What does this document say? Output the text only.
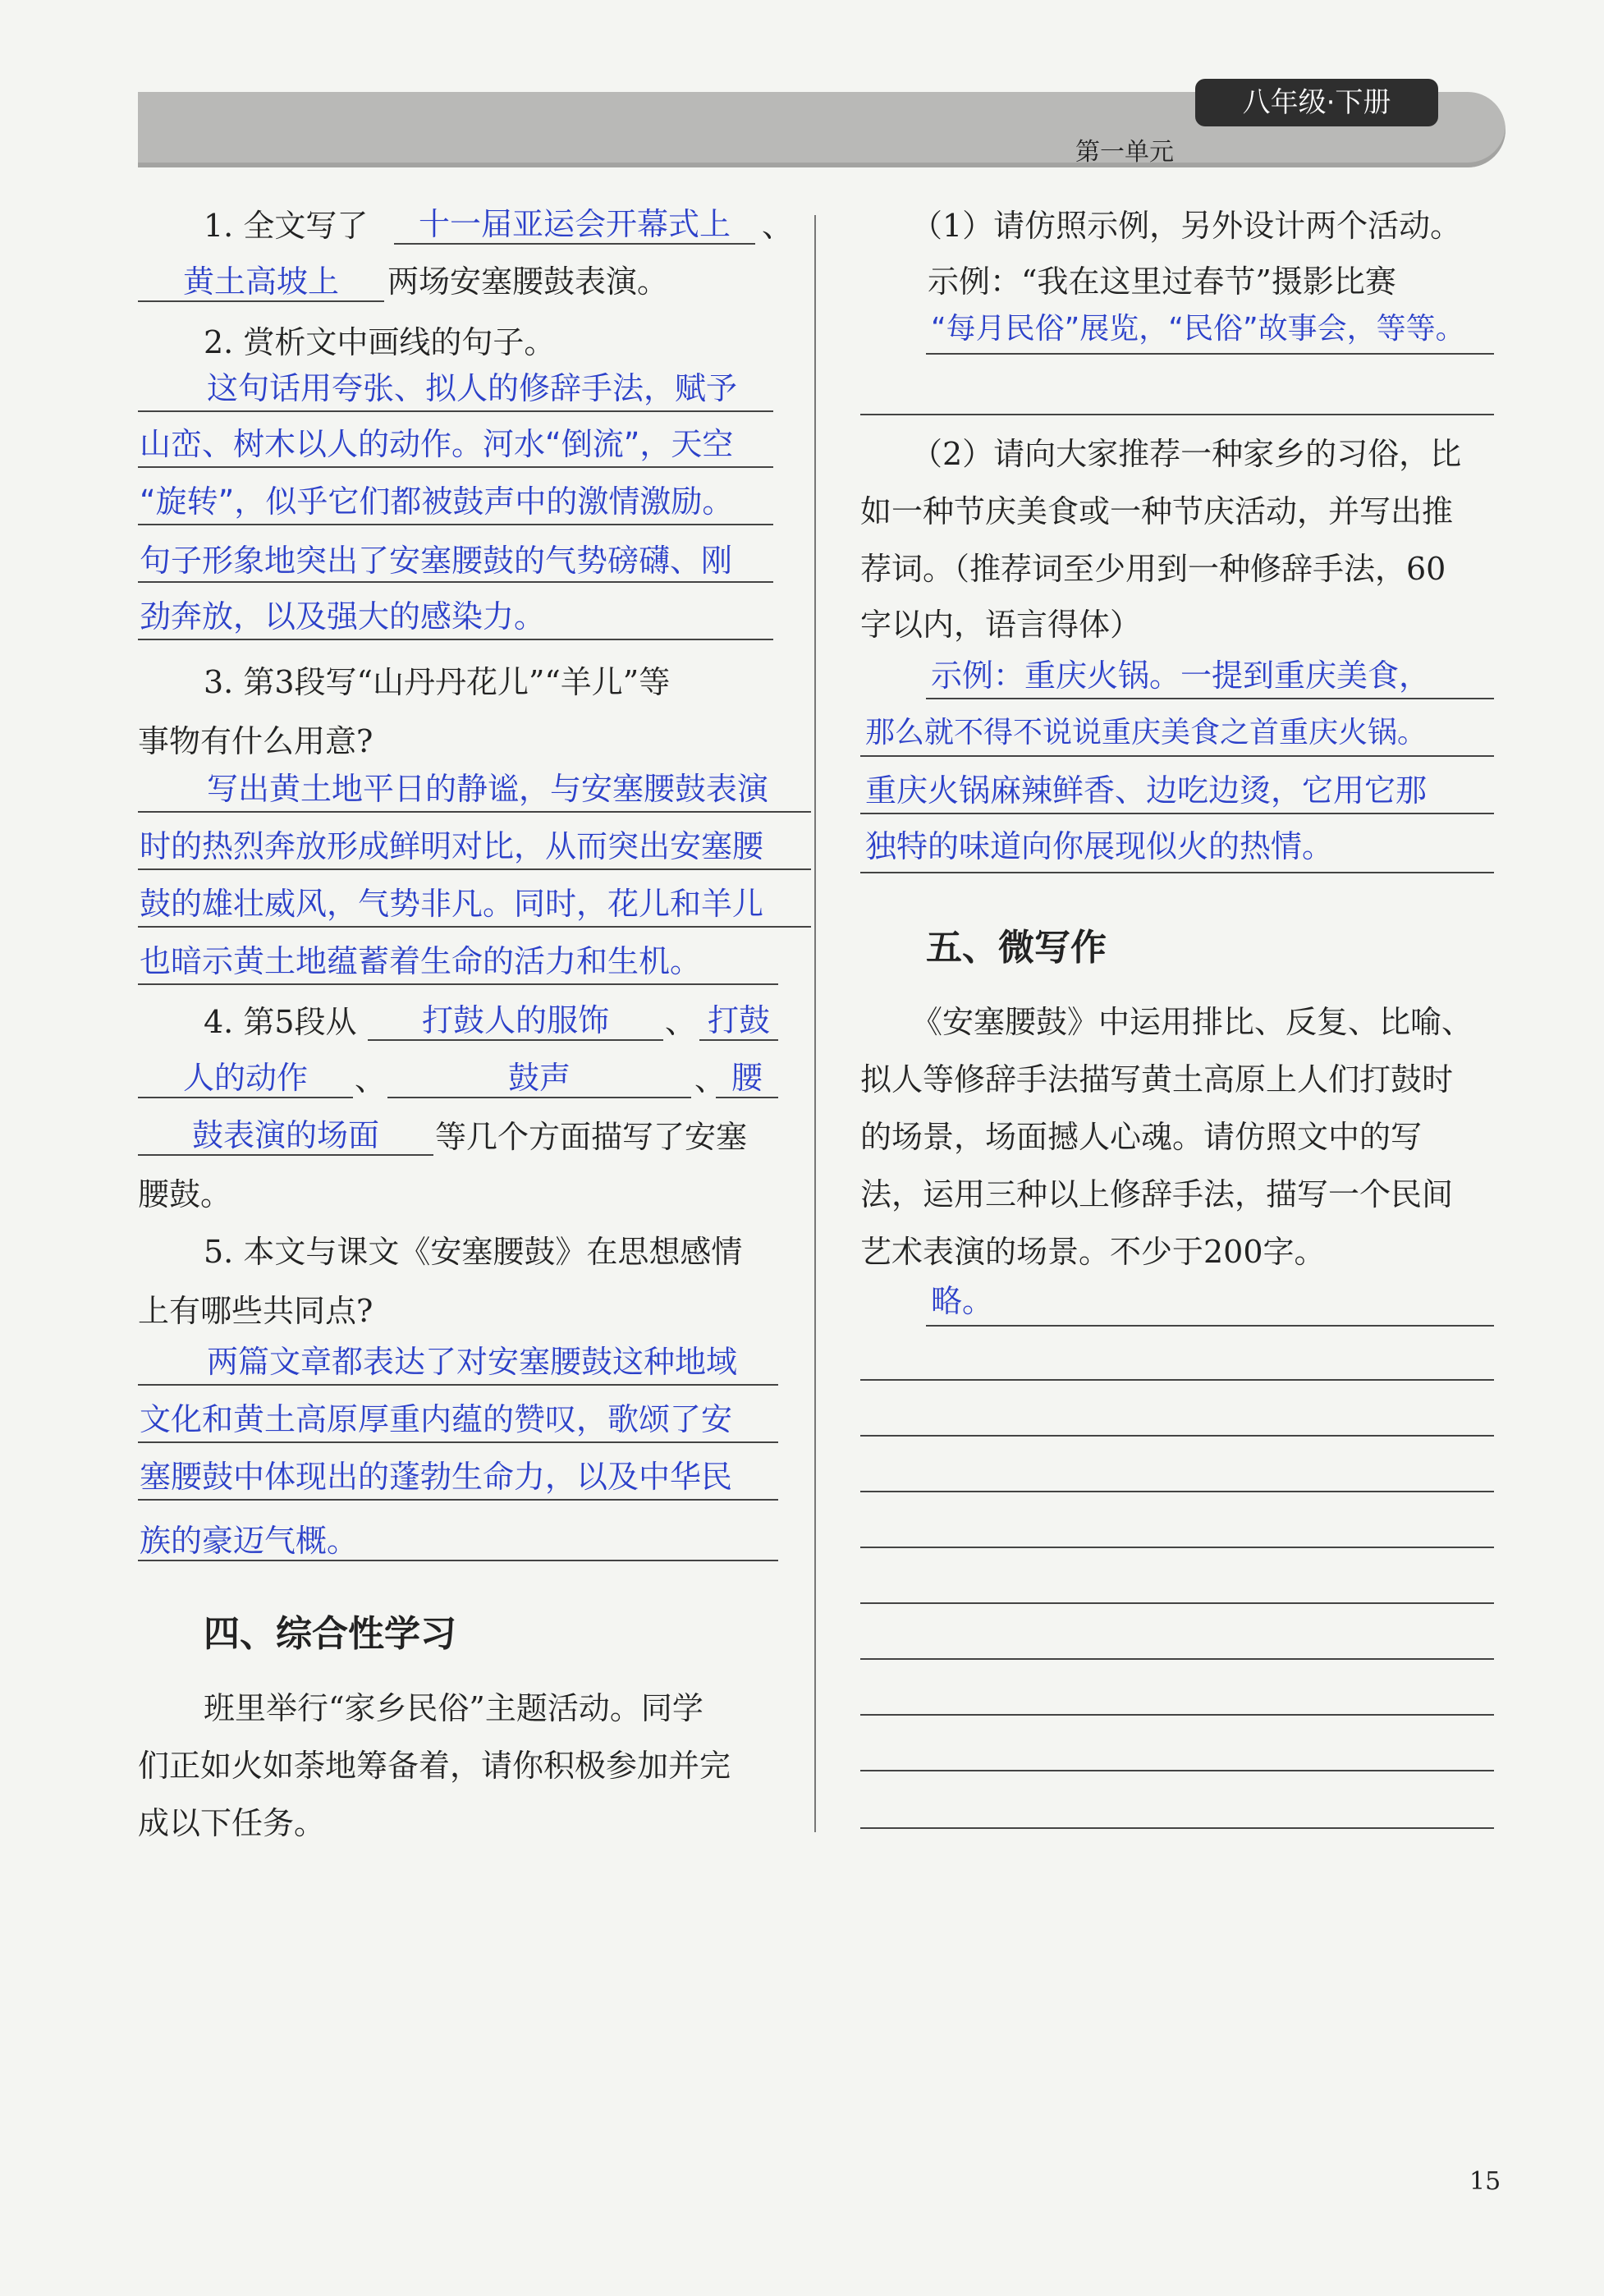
八年级·下册
第一单元
1. 全文写了	十一届亚运会开幕式上	、
黄土高坡上	两场安塞腰鼓表演。
2. 赏析文中画线的句子。
这句话用夸张、拟人的修辞手法，赋予
山峦、树木以人的动作。河水“倒流”，天空
“旋转”，似乎它们都被鼓声中的激情激励。
句子形象地突出了安塞腰鼓的气势磅礴、刚
劲奔放，以及强大的感染力。
3. 第3段写“山丹丹花儿”“羊儿”等
事物有什么用意?
写出黄土地平日的静谧，与安塞腰鼓表演
时的热烈奔放形成鲜明对比，从而突出安塞腰
鼓的雄壮威风，气势非凡。同时，花儿和羊儿
也暗示黄土地蕴蓄着生命的活力和生机。
4. 第5段从	打鼓人的服饰	、 打鼓
人的动作	、	鼓声	、 腰
鼓表演的场面	等几个方面描写了安塞
腰鼓。
5. 本文与课文《安塞腰鼓》在思想感情
上有哪些共同点?
两篇文章都表达了对安塞腰鼓这种地域
文化和黄土高原厚重内蕴的赞叹，歌颂了安
塞腰鼓中体现出的蓬勃生命力，以及中华民
族的豪迈气概。
四、综合性学习
班里举行“家乡民俗”主题活动。同学
们正如火如荼地筹备着，请你积极参加并完
成以下任务。
（1）请仿照示例，另外设计两个活动。
示例：“我在这里过春节”摄影比赛
“每月民俗”展览，“民俗”故事会，等等。
（2）请向大家推荐一种家乡的习俗，比
如一种节庆美食或一种节庆活动，并写出推
荐词。（推荐词至少用到一种修辞手法，60
字以内，语言得体）
示例：重庆火锅。一提到重庆美食，
那么就不得不说说重庆美食之首重庆火锅。
重庆火锅麻辣鲜香、边吃边烫，它用它那
独特的味道向你展现似火的热情。
五、微写作
《安塞腰鼓》中运用排比、反复、比喻、
拟人等修辞手法描写黄土高原上人们打鼓时
的场景，场面撼人心魂。请仿照文中的写
法，运用三种以上修辞手法，描写一个民间
艺术表演的场景。不少于200字。
略。
15
